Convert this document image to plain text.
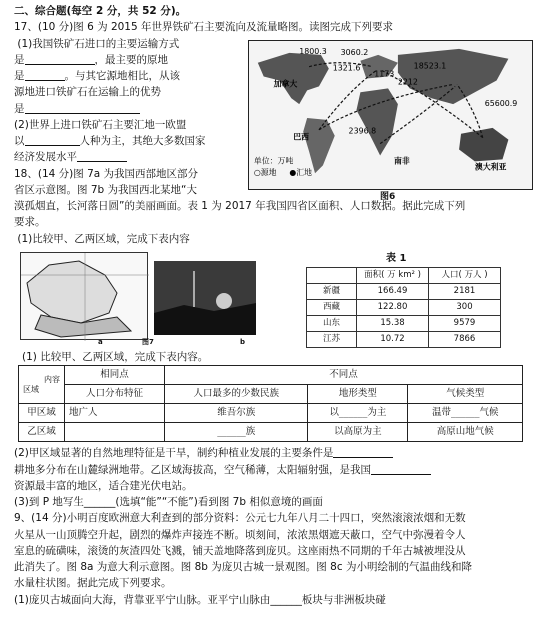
二、综合题(每空 2 分，共 52 分)。
17、(10 分)图 6 为 2015 年世界铁矿石主要流向及流量略图。读图完成下列要求
(1)我国铁矿石进口的主要运输方式
是	，最主要的原地
是	。与其它源地相比，从该
源地进口铁矿石在运输上的优势
是
(2)世界上进口铁矿石主要汇地一欧盟
以	人种为主，其绝大多数国家
经济发展水平
1800.3 3060.2
1321.6	18523.1
2212
65600.9
2396.8
1173
加拿大
巴西
南非
澳大利亚
单位：万吨
○源地 ●汇地
图6
18、(14 分)图 7a 为我国西部地区部分
省区示意图。图 7b 为我国西北某地“大
漠孤烟直，长河落日圆”的美丽画面。表 1 为 2017 年我国四省区面积、人口数据。据此完成下列
要求。
(1)比较甲、乙两区域，完成下表内容
图7
a	b
表 1
	面积( 万 km² )	人口( 万人 )
新疆	166.49	2181
西藏	122.80	300
山东	15.38	9579
江苏	10.72	7866
(1) 比较甲、乙两区域，完成下表内容。
内容
区域	相同点	不同点		
	人口分布特征	人口最多的少数民族	地形类型	气候类型
甲区域	地广人	维吾尔族	以______为主	温带______气候
乙区域		______族	以高原为主	高原山地气候
(2)甲区域显著的自然地理特征是干旱，制约种植业发展的主要条件是
耕地多分布在山麓绿洲地带。乙区域海拔高，空气稀薄，太阳辐射强，是我国
资源最丰富的地区，适合建光伏电站。
(3)到 P 地写生______(选填“能”“不能”)看到图 7b 相似意境的画面
9、(14 分)小明百度欧洲意大利查到的部分资料：公元七九年八月二十四口，突然滚滚浓烟和无数
火星从一山顶腾空升起，剧烈的爆炸声接连不断。顷刻间，浓浓黑烟遮天蔽口，空气中弥漫着令人
室息的硫磺味，滚烫的灰渣四处飞溅，铺天盖地降落到庞贝。这座雨热不同期的千年古城被埋没从
此消失了。图 8a 为意大利示意图。图 8b 为庞贝古城一景观图。图 8c 为小明绘制的气温曲线和降
水量柱状图。据此完成下列要求。
(1)庞贝古城面向大海，背靠亚平宁山脉。亚平宁山脉由______板块与非洲板块碰
